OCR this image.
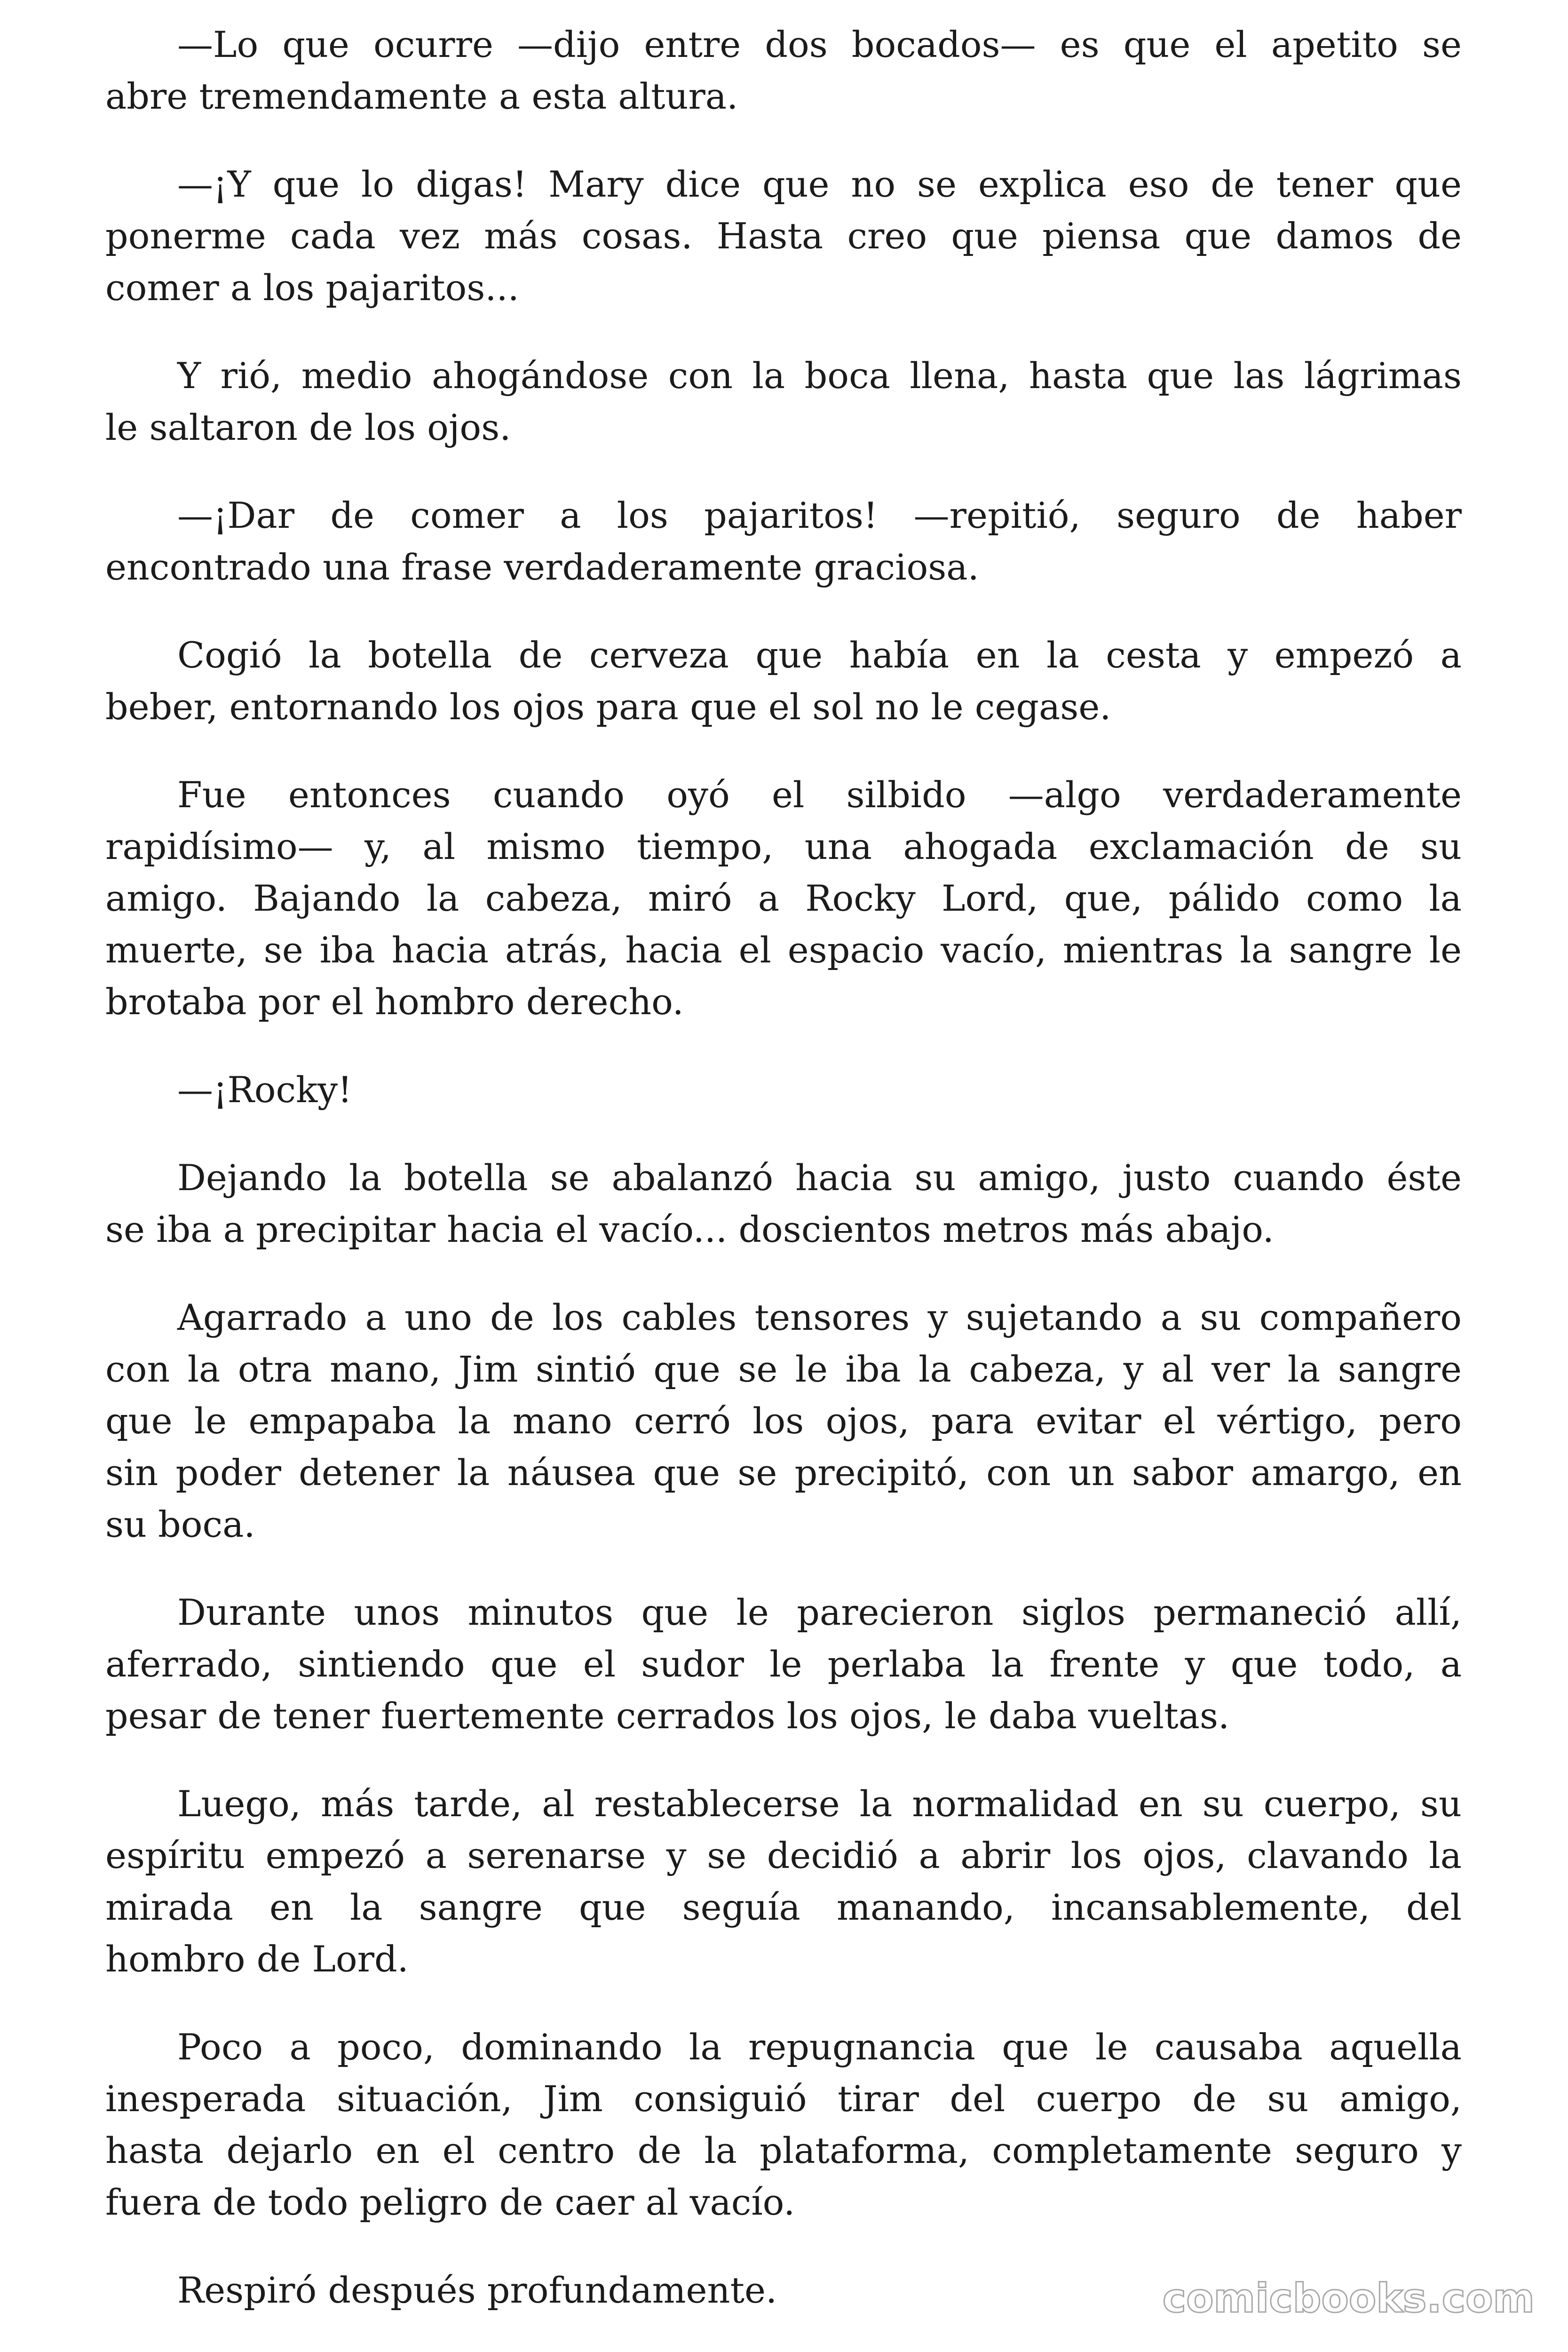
—Lo que ocurre —dijo entre dos bocados— es que el apetito se
abre tremendamente a esta altura.
—¡Y que lo digas! Mary dice que no se explica eso de tener que
ponerme cada vez más cosas. Hasta creo que piensa que damos de
comer a los pajaritos...
Y rió, medio ahogándose con la boca llena, hasta que las lágrimas
le saltaron de los ojos.
—¡Dar de comer a los pajaritos! —repitió, seguro de haber
encontrado una frase verdaderamente graciosa.
Cogió la botella de cerveza que había en la cesta y empezó a
beber, entornando los ojos para que el sol no le cegase.
Fue entonces cuando oyó el silbido —algo verdaderamente
rapidísimo— y, al mismo tiempo, una ahogada exclamación de su
amigo. Bajando la cabeza, miró a Rocky Lord, que, pálido como la
muerte, se iba hacia atrás, hacia el espacio vacío, mientras la sangre le
brotaba por el hombro derecho.
—¡Rocky!
Dejando la botella se abalanzó hacia su amigo, justo cuando éste
se iba a precipitar hacia el vacío... doscientos metros más abajo.
Agarrado a uno de los cables tensores y sujetando a su compañero
con la otra mano, Jim sintió que se le iba la cabeza, y al ver la sangre
que le empapaba la mano cerró los ojos, para evitar el vértigo, pero
sin poder detener la náusea que se precipitó, con un sabor amargo, en
su boca.
Durante unos minutos que le parecieron siglos permaneció allí,
aferrado, sintiendo que el sudor le perlaba la frente y que todo, a
pesar de tener fuertemente cerrados los ojos, le daba vueltas.
Luego, más tarde, al restablecerse la normalidad en su cuerpo, su
espíritu empezó a serenarse y se decidió a abrir los ojos, clavando la
mirada en la sangre que seguía manando, incansablemente, del
hombro de Lord.
Poco a poco, dominando la repugnancia que le causaba aquella
inesperada situación, Jim consiguió tirar del cuerpo de su amigo,
hasta dejarlo en el centro de la plataforma, completamente seguro y
fuera de todo peligro de caer al vacío.
Respiró después profundamente.	comicbooks.com
